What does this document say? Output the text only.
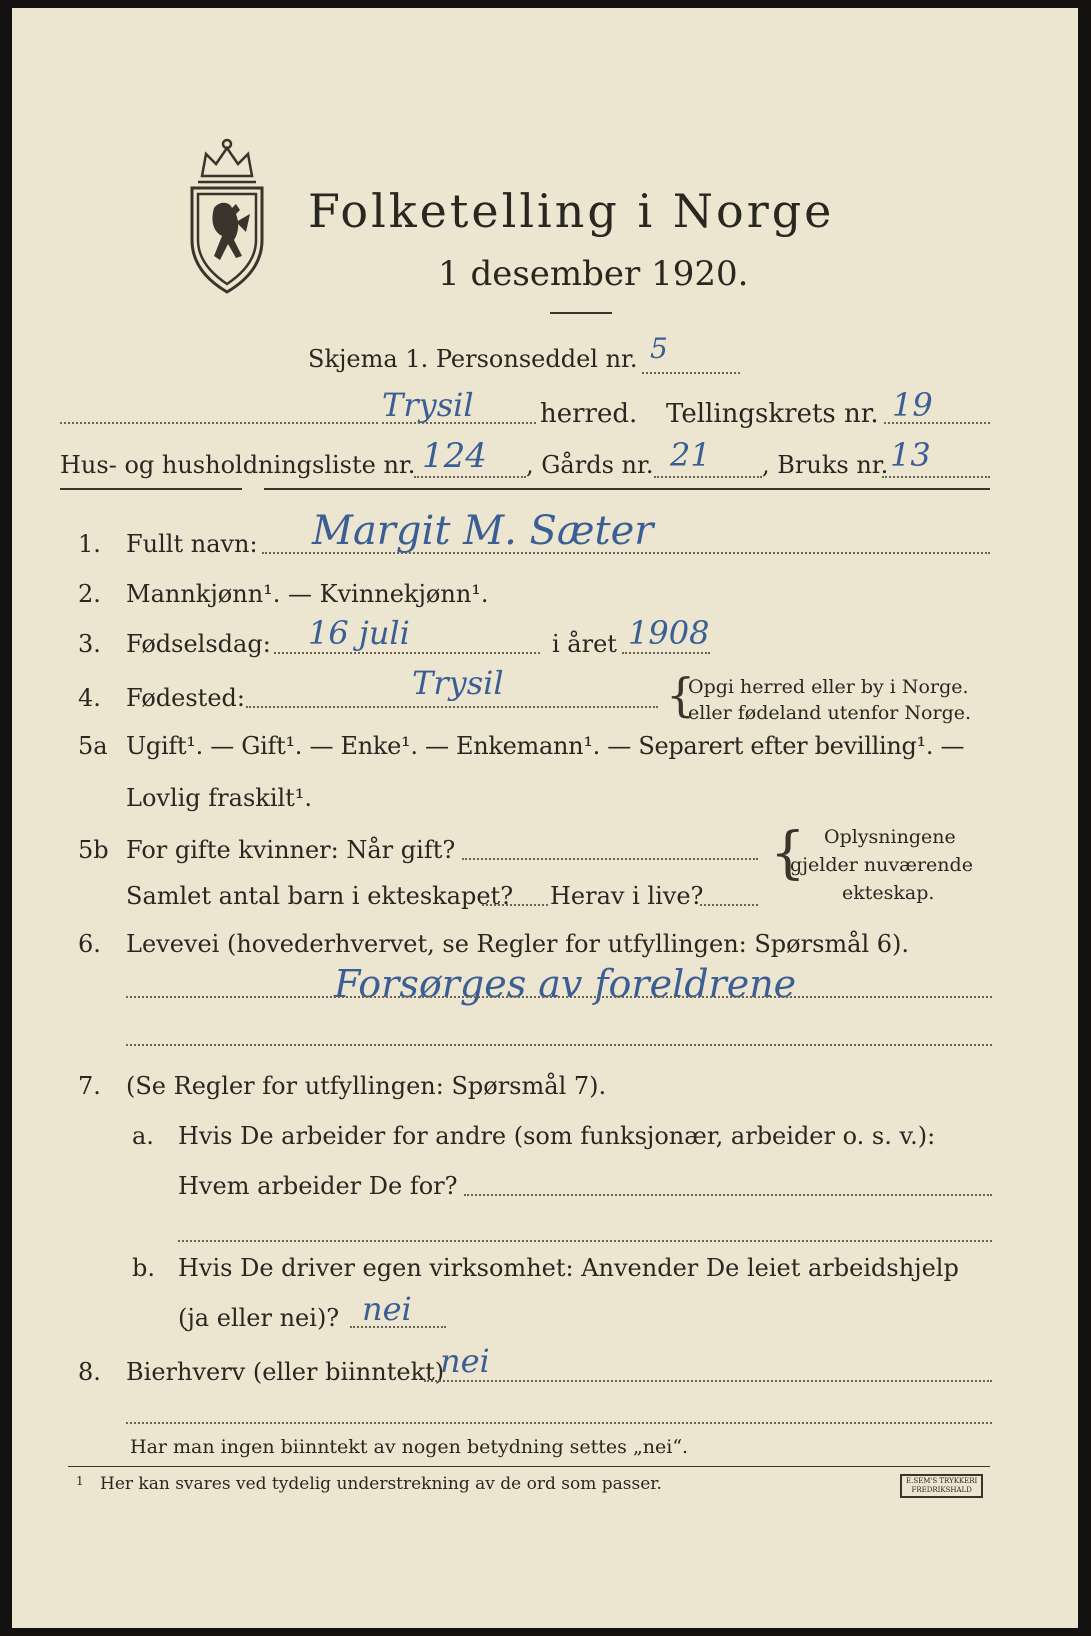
Folketelling i Norge
1 desember 1920.
Skjema 1. Personseddel nr. 5
Trysil	herred. Tellingskrets nr. 19
Hus- og husholdningsliste nr. 124 , Gårds nr. 21 , Bruks nr. 13
1. Fullt navn: Margit M. Sæter
2. Mannkjønn¹. — Kvinnekjønn¹.
3. Fødselsdag: 16 juli	i året 1908
4. Fødested:	Trysil	{
Opgi herred eller by i Norge.
eller fødeland utenfor Norge.
5a Ugift¹. — Gift¹. — Enke¹. — Enkemann¹. — Separert efter bevilling¹. —
Lovlig fraskilt¹.
5b For gifte kvinner: Når gift?
Samlet antal barn i ekteskapet? Herav i live?
{ Oplysningene
gjelder nuværende
ekteskap.
6. Levevei (hovederhvervet, se Regler for utfyllingen: Spørsmål 6).
Forsørges av foreldrene
7. (Se Regler for utfyllingen: Spørsmål 7).
a. Hvis De arbeider for andre (som funksjonær, arbeider o. s. v.):
Hvem arbeider De for?
b. Hvis De driver egen virksomhet: Anvender De leiet arbeidshjelp
(ja eller nei)? nei
8. Bierhverv (eller biinntekt)
nei
Har man ingen biinntekt av nogen betydning settes „nei“.
1 Her kan svares ved tydelig understrekning av de ord som passer.	E.SEM'S TRYKKERI
FREDRIKSHALD
